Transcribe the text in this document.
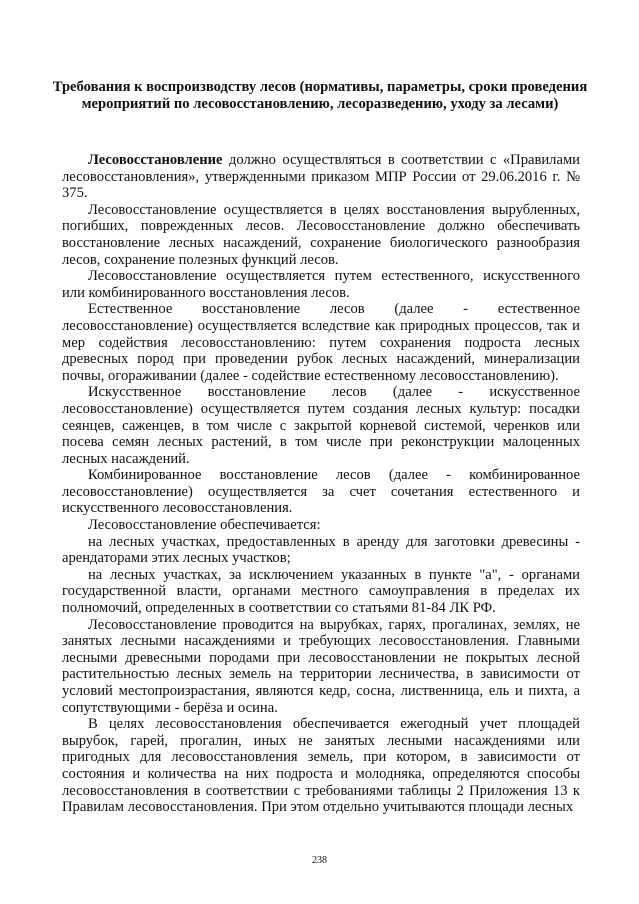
Требования к воспроизводству лесов (нормативы, параметры, сроки проведения мероприятий по лесовосстановлению, лесоразведению, уходу за лесами)

Лесовосстановление должно осуществляться в соответствии с «Правилами лесовосстановления», утвержденными приказом МПР России от 29.06.2016 г. № 375.

Лесовосстановление осуществляется в целях восстановления вырубленных, погибших, поврежденных лесов. Лесовосстановление должно обеспечивать восстановление лесных насаждений, сохранение биологического разнообразия лесов, сохранение полезных функций лесов.

Лесовосстановление осуществляется путем естественного, искусственного или комбинированного восстановления лесов.

Естественное восстановление лесов (далее - естественное лесовосстановление) осуществляется вследствие как природных процессов, так и мер содействия лесовосстановлению: путем сохранения подроста лесных древесных пород при проведении рубок лесных насаждений, минерализации почвы, огораживании (далее - содействие естественному лесовосстановлению).

Искусственное восстановление лесов (далее - искусственное лесовосстановление) осуществляется путем создания лесных культур: посадки сеянцев, саженцев, в том числе с закрытой корневой системой, черенков или посева семян лесных растений, в том числе при реконструкции малоценных лесных насаждений.

Комбинированное восстановление лесов (далее - комбинированное лесовосстановление) осуществляется за счет сочетания естественного и искусственного лесовосстановления.

Лесовосстановление обеспечивается:

на лесных участках, предоставленных в аренду для заготовки древесины - арендаторами этих лесных участков;

на лесных участках, за исключением указанных в пункте "а", - органами государственной власти, органами местного самоуправления в пределах их полномочий, определенных в соответствии со статьями 81-84 ЛК РФ.

Лесовосстановление проводится на вырубках, гарях, прогалинах, землях, не занятых лесными насаждениями и требующих лесовосстановления. Главными лесными древесными породами при лесовосстановлении не покрытых лесной растительностью лесных земель на территории лесничества, в зависимости от условий местопроизрастания, являются кедр, сосна, лиственница, ель и пихта, а сопутствующими - берёза и осина.

В целях лесовосстановления обеспечивается ежегодный учет площадей вырубок, гарей, прогалин, иных не занятых лесными насаждениями или пригодных для лесовосстановления земель, при котором, в зависимости от состояния и количества на них подроста и молодняка, определяются способы лесовосстановления в соответствии с требованиями таблицы 2 Приложения 13 к Правилам лесовосстановления. При этом отдельно учитываются площади лесных

238
